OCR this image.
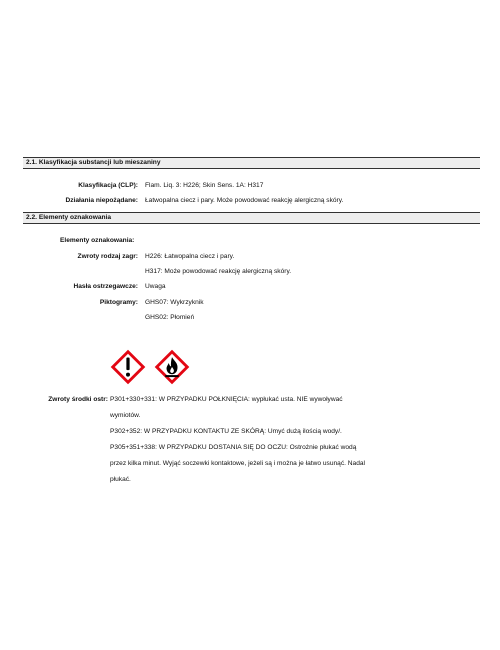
2.1. Klasyfikacja substancji lub mieszaniny
Klasyfikacja (CLP): Flam. Liq. 3: H226; Skin Sens. 1A: H317
Działania niepożądane: Łatwopalna ciecz i pary. Może powodować reakcję alergiczną skóry.
2.2. Elementy oznakowania
Elementy oznakowania:
Zwroty rodzaj zagr: H226: Łatwopalna ciecz i pary.
H317: Może powodować reakcję alergiczną skóry.
Hasła ostrzegawcze: Uwaga
Piktogramy: GHS07: Wykrzyknik
GHS02: Płomień
Zwroty środki ostr: P301+330+331: W PRZYPADKU POŁKNIĘCIA: wypłukać usta. NIE wywoływać

wymiotów.

P302+352: W PRZYPADKU KONTAKTU ZE SKÓRĄ: Umyć dużą ilością wody/.

P305+351+338: W PRZYPADKU DOSTANIA SIĘ DO OCZU: Ostrożnie płukać wodą

przez kilka minut. Wyjąć soczewki kontaktowe, jeżeli są i można je łatwo usunąć. Nadal

płukać.
